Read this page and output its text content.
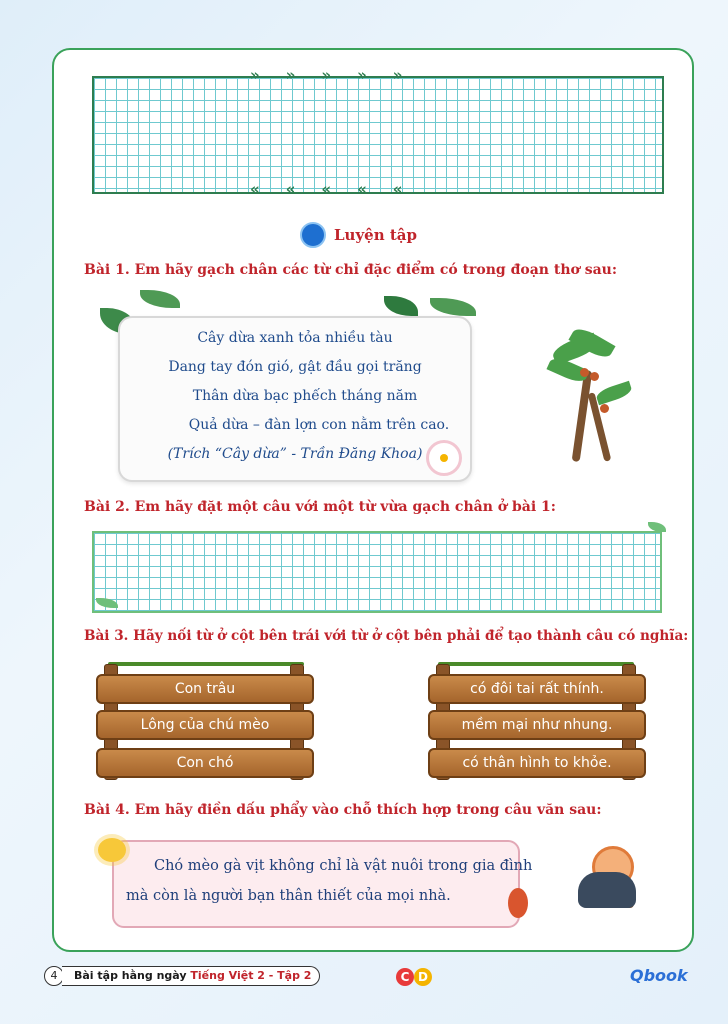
»»»»»
«««««
Luyện tập
Bài 1. Em hãy gạch chân các từ chỉ đặc điểm có trong đoạn thơ sau:
Cây dừa xanh tỏa nhiều tàu
Dang tay đón gió, gật đầu gọi trăng
Thân dừa bạc phếch tháng năm
Quả dừa – đàn lợn con nằm trên cao.
(Trích “Cây dừa” - Trần Đăng Khoa)
Bài 2. Em hãy đặt một câu với một từ vừa gạch chân ở bài 1:
Bài 3. Hãy nối từ ở cột bên trái với từ ở cột bên phải để tạo thành câu có nghĩa:
Con trâu
Lông của chú mèo
Con chó
có đôi tai rất thính.
mềm mại như nhung.
có thân hình to khỏe.
Bài 4. Em hãy điền dấu phẩy vào chỗ thích hợp trong câu văn sau:
Chó mèo gà vịt không chỉ là vật nuôi trong gia đình
mà còn là người bạn thân thiết của mọi nhà.
4	Bài tập hằng ngày Tiếng Việt 2 - Tập 2	C D	Qbook
